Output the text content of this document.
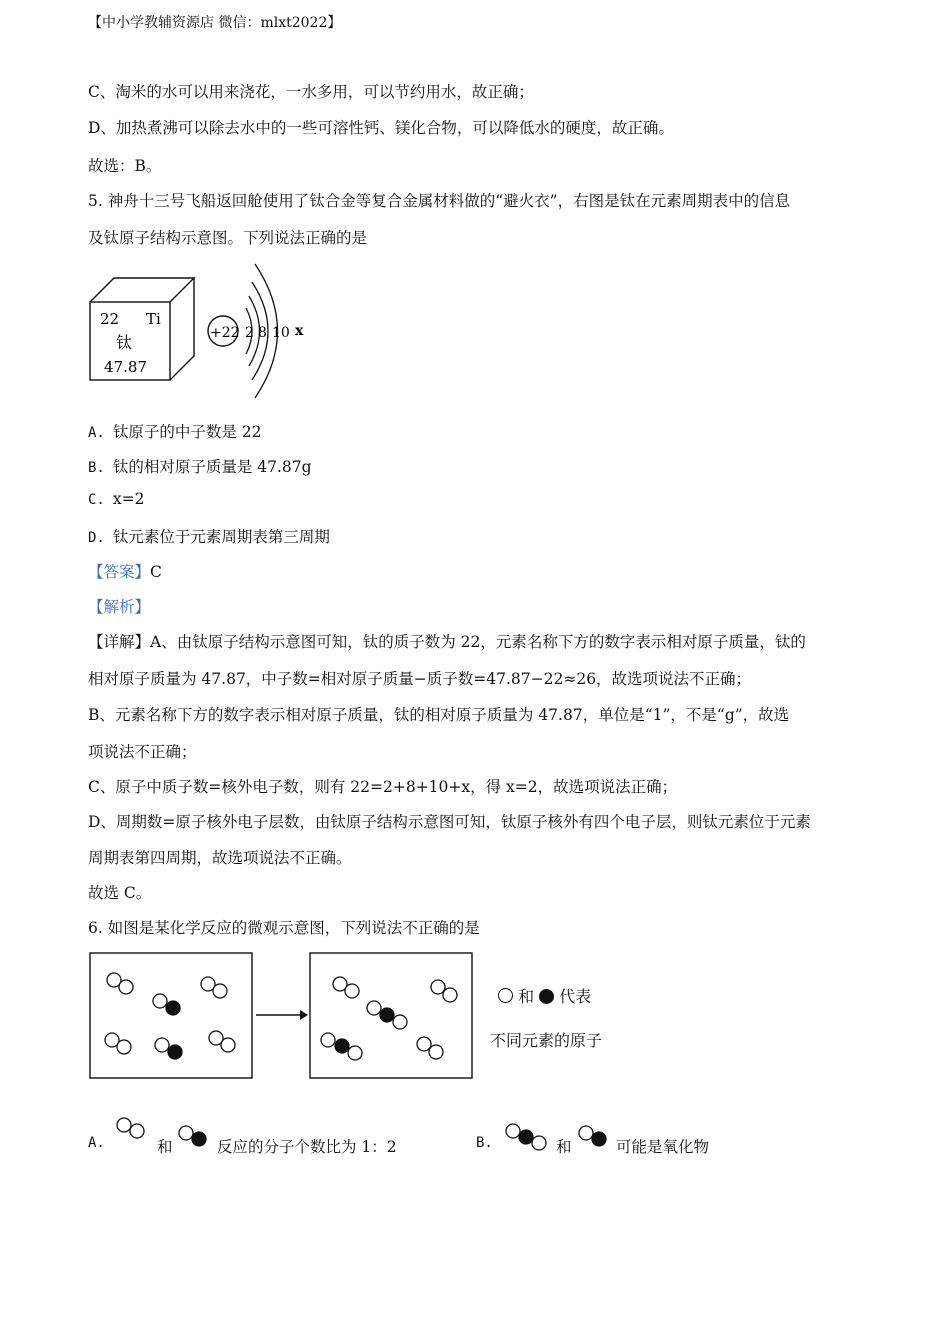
【中小学教辅资源店 微信：mlxt2022】
C、淘米的水可以用来浇花，一水多用，可以节约用水，故正确；
D、加热煮沸可以除去水中的一些可溶性钙、镁化合物，可以降低水的硬度，故正确。
故选：B。
5. 神舟十三号飞船返回舱使用了钛合金等复合金属材料做的“避火衣”，右图是钛在元素周期表中的信息
及钛原子结构示意图。下列说法正确的是
22 Ti
钛
47.87
+22 2 8 10 x
A. 钛原子的中子数是 22
B. 钛的相对原子质量是 47.87g
C. x=2
D. 钛元素位于元素周期表第三周期
【答案】C
【解析】
【详解】A、由钛原子结构示意图可知，钛的质子数为 22，元素名称下方的数字表示相对原子质量，钛的
相对原子质量为 47.87，中子数=相对原子质量−质子数=47.87−22≈26，故选项说法不正确；
B、元素名称下方的数字表示相对原子质量，钛的相对原子质量为 47.87，单位是“1”，不是“g”，故选
项说法不正确；
C、原子中质子数=核外电子数，则有 22=2+8+10+x，得 x=2，故选项说法正确；
D、周期数=原子核外电子层数，由钛原子结构示意图可知，钛原子核外有四个电子层，则钛元素位于元素
周期表第四周期，故选项说法不正确。
故选 C。
6. 如图是某化学反应的微观示意图，下列说法不正确的是
和 代表
不同元素的原子
A.	和	反应的分子个数比为 1：2	B.	和	可能是氧化物
